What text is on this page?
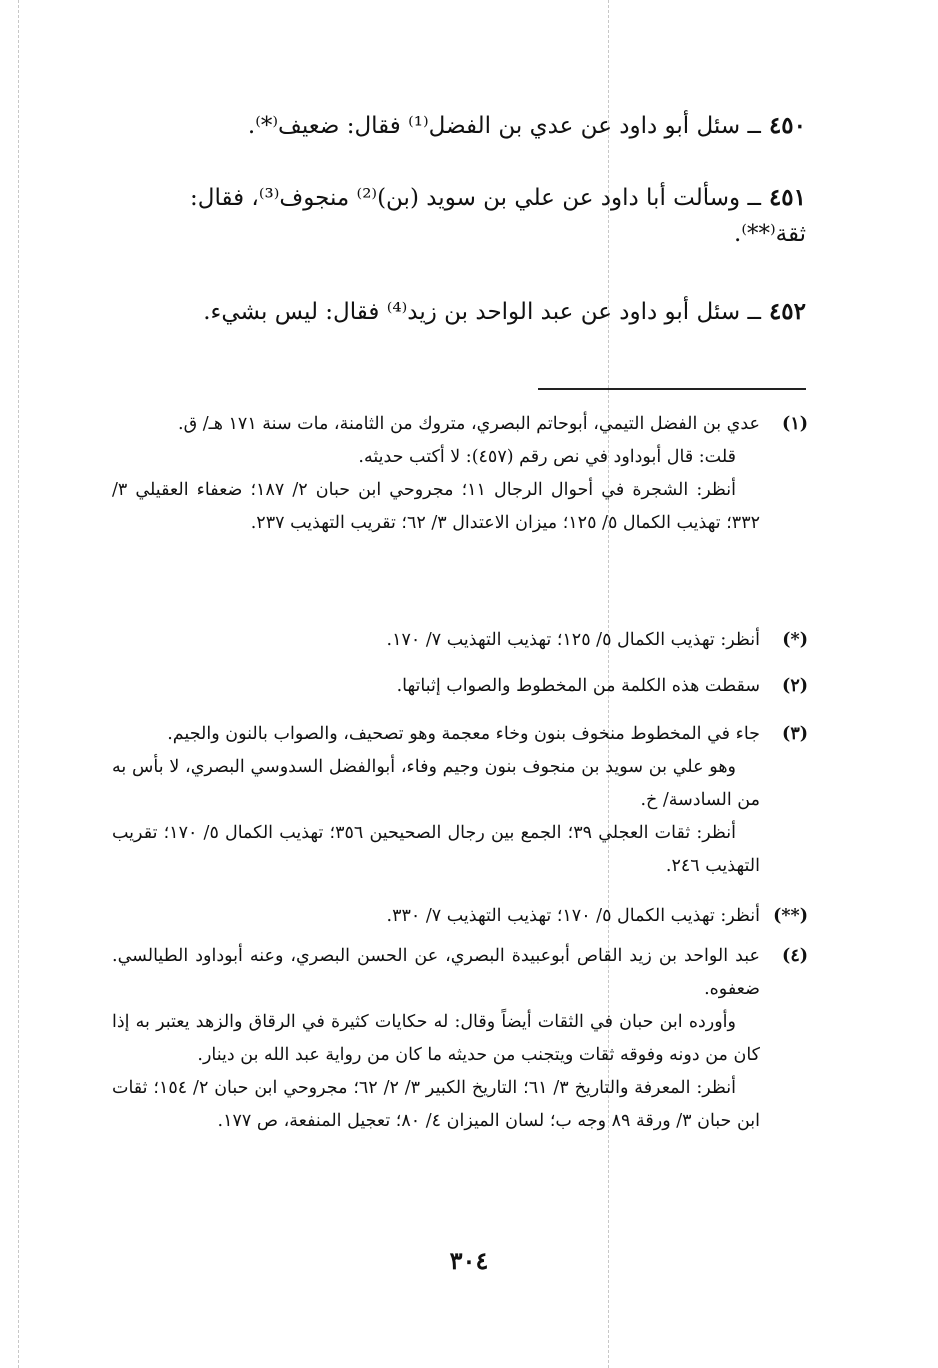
٤٥٠ــ سئل أبو داود عن عدي بن الفضل⁽¹⁾ فقال: ضعيف⁽*⁾.
٤٥١ــ وسألت أبا داود عن علي بن سويد (بن)⁽²⁾ منجوف⁽³⁾، فقال: ثقة⁽**⁾.
٤٥٢ــ سئل أبو داود عن عبد الواحد بن زيد⁽⁴⁾ فقال: ليس بشيء.
(١)
عدي بن الفضل التيمي، أبوحاتم البصري، متروك من الثامنة، مات سنة ١٧١ هـ/ ق.
قلت: قال أبوداود في نص رقم (٤٥٧): لا أكتب حديثه.
أنظر: الشجرة في أحوال الرجال ١١؛ مجروحي ابن حبان ٢/ ١٨٧؛ ضعفاء العقيلي ٣/ ٣٣٢؛ تهذيب الكمال ٥/ ١٢٥؛ ميزان الاعتدال ٣/ ٦٢؛ تقريب التهذيب ٢٣٧.
(*)
أنظر: تهذيب الكمال ٥/ ١٢٥؛ تهذيب التهذيب ٧/ ١٧٠.
(٢)
سقطت هذه الكلمة من المخطوط والصواب إثباتها.
(٣)
جاء في المخطوط منخوف بنون وخاء معجمة وهو تصحيف، والصواب بالنون والجيم.
وهو علي بن سويد بن منجوف بنون وجيم وفاء، أبوالفضل السدوسي البصري، لا بأس به من السادسة/ خ.
أنظر: ثقات العجلي ٣٩؛ الجمع بين رجال الصحيحين ٣٥٦؛ تهذيب الكمال ٥/ ١٧٠؛ تقريب التهذيب ٢٤٦.
(**)
أنظر: تهذيب الكمال ٥/ ١٧٠؛ تهذيب التهذيب ٧/ ٣٣٠.
(٤)
عبد الواحد بن زيد القاص أبوعبيدة البصري، عن الحسن البصري، وعنه أبوداود الطيالسي. ضعفوه.
وأورده ابن حبان في الثقات أيضاً وقال: له حكايات كثيرة في الرقاق والزهد يعتبر به إذا كان من دونه وفوقه ثقات ويتجنب من حديثه ما كان من رواية عبد الله بن دينار.
أنظر: المعرفة والتاريخ ٣/ ٦١؛ التاريخ الكبير ٣/ ٢/ ٦٢؛ مجروحي ابن حبان ٢/ ١٥٤؛ ثقات ابن حبان ٣/ ورقة ٨٩ وجه ب؛ لسان الميزان ٤/ ٨٠؛ تعجيل المنفعة، ص ١٧٧.
٣٠٤
